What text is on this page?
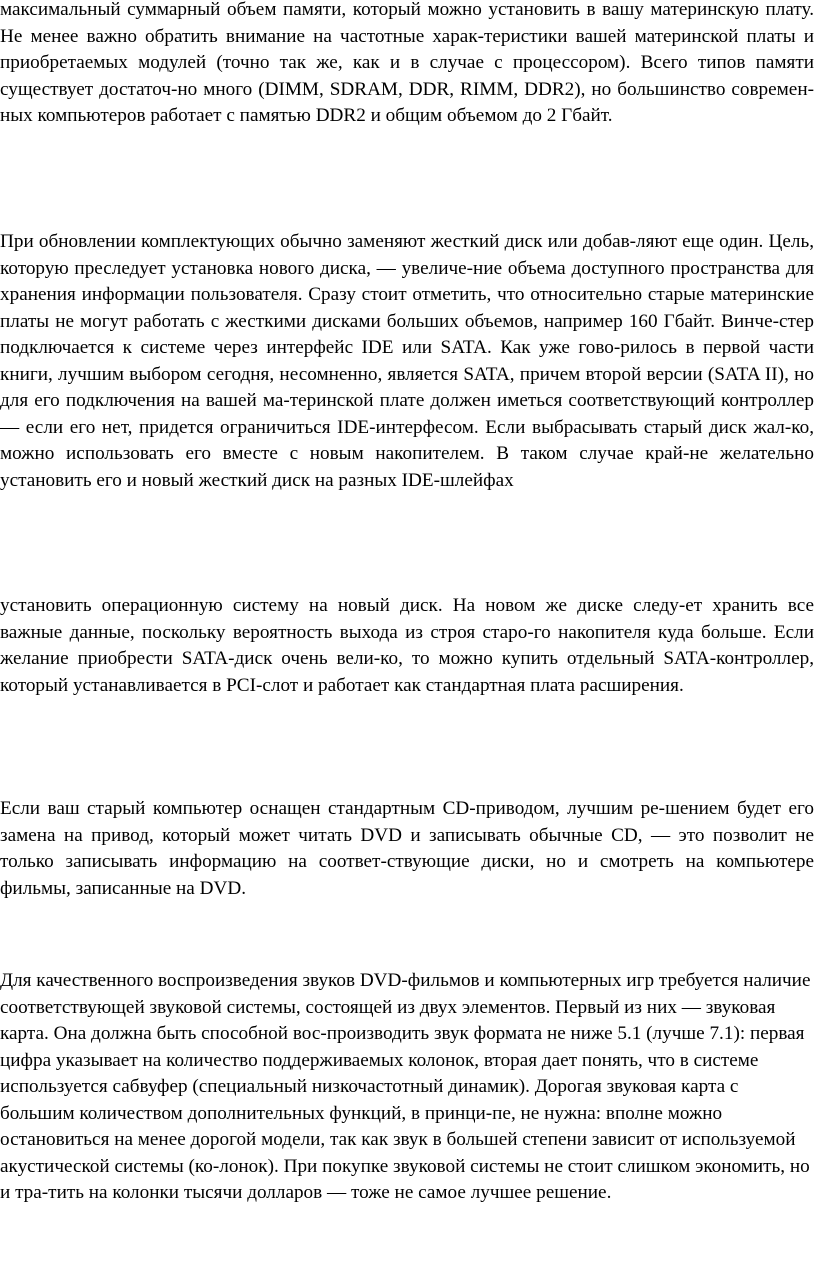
максимальный суммарный объем памяти, который можно установить в вашу материнскую плату. Не менее важно обратить внимание на частотные харак-теристики вашей материнской платы и приобретаемых модулей (точно так же, как и в случае с процессором). Всего типов памяти существует достаточ-но много (DIMM, SDRAM, DDR, RIMM, DDR2), но большинство современ-ных компьютеров работает с памятью DDR2 и общим объемом до 2 Гбайт.

При обновлении комплектующих обычно заменяют жесткий диск или добав-ляют еще один. Цель, которую преследует установка нового диска, — увеличе-ние объема доступного пространства для хранения информации пользователя. Сразу стоит отметить, что относительно старые материнские платы не могут работать с жесткими дисками больших объемов, например 160 Гбайт. Винче-стер подключается к системе через интерфейс IDE или SATA. Как уже гово-рилось в первой части книги, лучшим выбором сегодня, несомненно, является SATA, причем второй версии (SATA II), но для его подключения на вашей ма-теринской плате должен иметься соответствующий контроллер — если его нет, придется ограничиться IDE-интерфесом. Если выбрасывать старый диск жал-ко, можно использовать его вместе с новым накопителем. В таком случае край-не желательно установить его и новый жесткий диск на разных IDE-шлейфах

установить операционную систему на новый диск. На новом же диске следу-ет хранить все важные данные, поскольку вероятность выхода из строя старо-го накопителя куда больше. Если желание приобрести SATA-диск очень вели-ко, то можно купить отдельный SATA-контроллер, который устанавливается в PCI-слот и работает как стандартная плата расширения.

Если ваш старый компьютер оснащен стандартным CD-приводом, лучшим ре-шением будет его замена на привод, который может читать DVD и записывать обычные CD, — это позволит не только записывать информацию на соответ-ствующие диски, но и смотреть на компьютере фильмы, записанные на DVD.

Для качественного воспроизведения звуков DVD-фильмов и компьютерных игр требуется наличие соответствующей звуковой системы, состоящей из двух элементов. Первый из них — звуковая карта. Она должна быть способной вос-производить звук формата не ниже 5.1 (лучше 7.1): первая цифра указывает на количество поддерживаемых колонок, вторая дает понять, что в системе используется сабвуфер (специальный низкочастотный динамик). Дорогая звуковая карта с большим количеством дополнительных функций, в принци-пе, не нужна: вполне можно остановиться на менее дорогой модели, так как звук в большей степени зависит от используемой акустической системы (ко-лонок). При покупке звуковой системы не стоит слишком экономить, но и тра-тить на колонки тысячи долларов — тоже не самое лучшее решение.
